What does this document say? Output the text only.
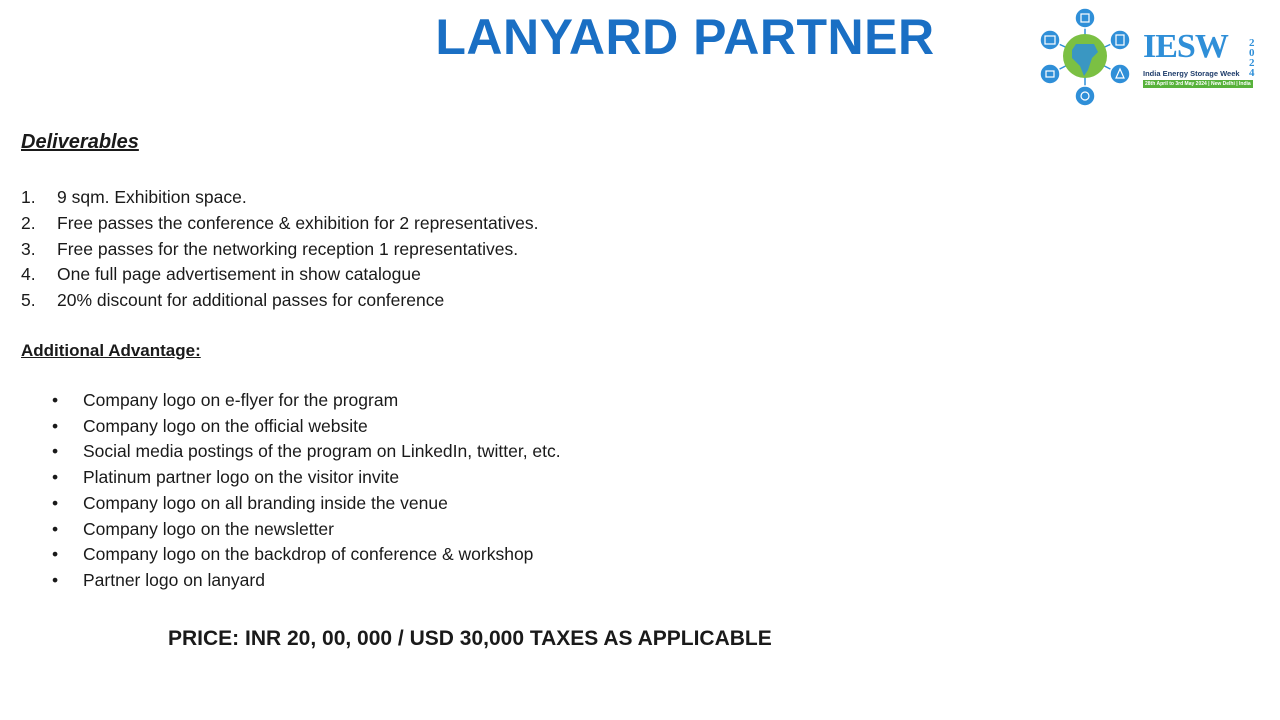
LANYARD PARTNER	IESW 2024
India Energy Storage Week
28th April to 3rd May 2024 | New Delhi | India
Deliverables
1.	9 sqm. Exhibition space.
2.	Free passes the conference & exhibition for 2 representatives.
3.	Free passes for the networking reception 1 representatives.
4.	One full page advertisement in show catalogue
5.	20% discount for additional passes for conference
Additional Advantage:
•	Company logo on e-flyer for the program
•	Company logo on the official website
•	Social media postings of the program on LinkedIn, twitter, etc.
•	Platinum partner logo on the visitor invite
•	Company logo on all branding inside the venue
•	Company logo on the newsletter
•	Company logo on the backdrop of conference & workshop
•	Partner logo on lanyard

PRICE: INR 20, 00, 000 / USD 30,000 TAXES AS APPLICABLE
